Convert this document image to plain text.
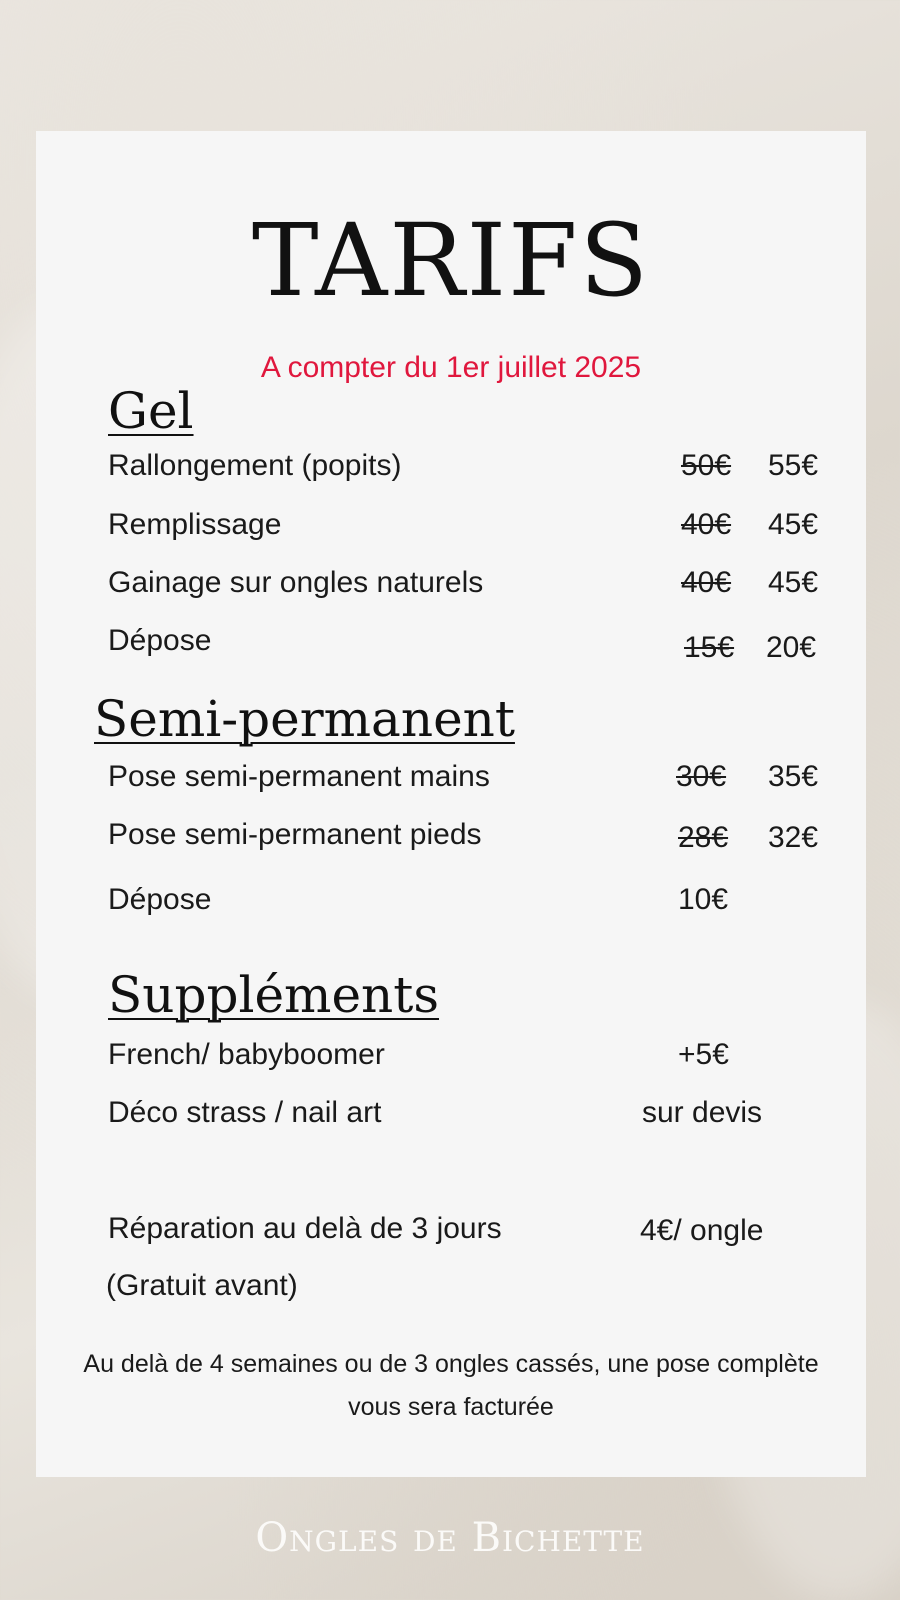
TARIFS
A compter du 1er juillet 2025
Gel
Rallongement (popits)	50€ 55€
Remplissage	40€ 45€
Gainage sur ongles naturels	40€ 45€
Dépose	15€ 20€
Semi-permanent
Pose semi-permanent mains	30€ 35€
Pose semi-permanent pieds	28€ 32€
Dépose	10€
Suppléments
French/ babyboomer	+5€
Déco strass / nail art	sur devis
Réparation au delà de 3 jours	4€/ ongle
(Gratuit avant)
Au delà de 4 semaines ou de 3 ongles cassés, une pose complète vous sera facturée
Ongles de Bichette
